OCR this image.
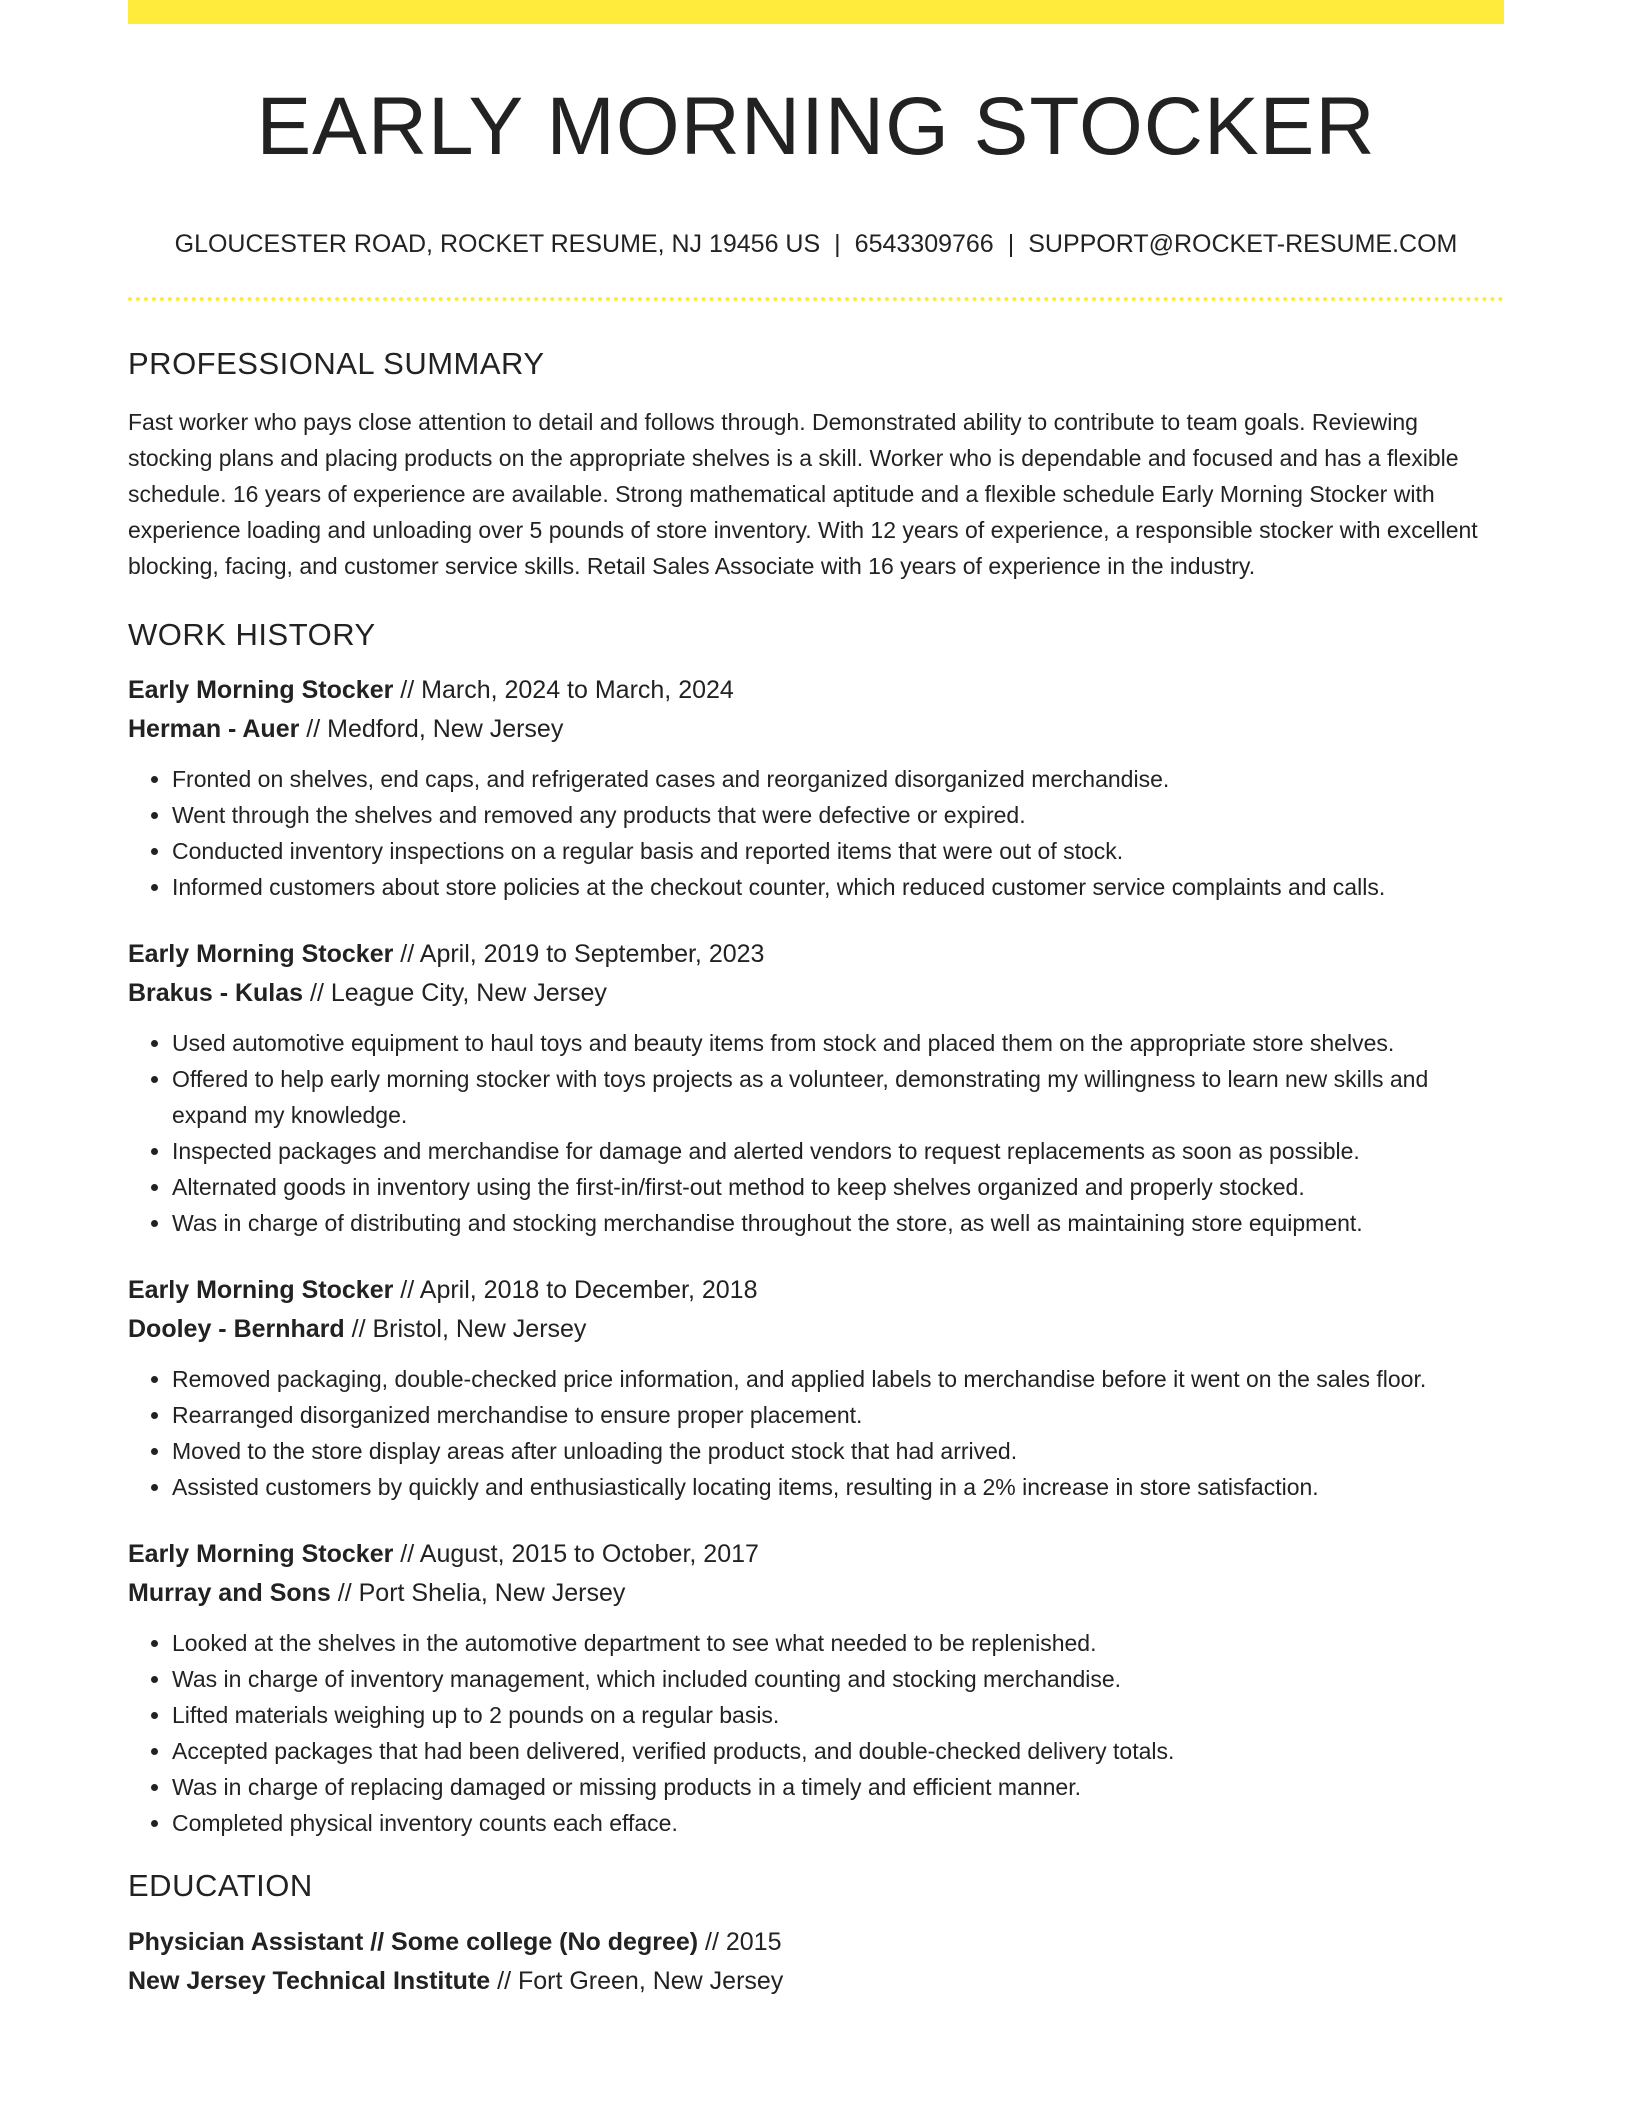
EARLY MORNING STOCKER
GLOUCESTER ROAD, ROCKET RESUME, NJ 19456 US | 6543309766 | SUPPORT@ROCKET-RESUME.COM
PROFESSIONAL SUMMARY

Fast worker who pays close attention to detail and follows through. Demonstrated ability to contribute to team goals. Reviewing stocking plans and placing products on the appropriate shelves is a skill. Worker who is dependable and focused and has a flexible schedule. 16 years of experience are available. Strong mathematical aptitude and a flexible schedule Early Morning Stocker with experience loading and unloading over 5 pounds of store inventory. With 12 years of experience, a responsible stocker with excellent blocking, facing, and customer service skills. Retail Sales Associate with 16 years of experience in the industry.

WORK HISTORY
Early Morning Stocker // March, 2024 to March, 2024
Herman - Auer // Medford, New Jersey
• Fronted on shelves, end caps, and refrigerated cases and reorganized disorganized merchandise.
• Went through the shelves and removed any products that were defective or expired.
• Conducted inventory inspections on a regular basis and reported items that were out of stock.
• Informed customers about store policies at the checkout counter, which reduced customer service complaints and calls.
Early Morning Stocker // April, 2019 to September, 2023
Brakus - Kulas // League City, New Jersey
• Used automotive equipment to haul toys and beauty items from stock and placed them on the appropriate store shelves.
• Offered to help early morning stocker with toys projects as a volunteer, demonstrating my willingness to learn new skills and expand my knowledge.
• Inspected packages and merchandise for damage and alerted vendors to request replacements as soon as possible.
• Alternated goods in inventory using the first-in/first-out method to keep shelves organized and properly stocked.
• Was in charge of distributing and stocking merchandise throughout the store, as well as maintaining store equipment.
Early Morning Stocker // April, 2018 to December, 2018
Dooley - Bernhard // Bristol, New Jersey
• Removed packaging, double-checked price information, and applied labels to merchandise before it went on the sales floor.
• Rearranged disorganized merchandise to ensure proper placement.
• Moved to the store display areas after unloading the product stock that had arrived.
• Assisted customers by quickly and enthusiastically locating items, resulting in a 2% increase in store satisfaction.
Early Morning Stocker // August, 2015 to October, 2017
Murray and Sons // Port Shelia, New Jersey
• Looked at the shelves in the automotive department to see what needed to be replenished.
• Was in charge of inventory management, which included counting and stocking merchandise.
• Lifted materials weighing up to 2 pounds on a regular basis.
• Accepted packages that had been delivered, verified products, and double-checked delivery totals.
• Was in charge of replacing damaged or missing products in a timely and efficient manner.
• Completed physical inventory counts each efface.
EDUCATION
Physician Assistant // Some college (No degree) // 2015
New Jersey Technical Institute // Fort Green, New Jersey
